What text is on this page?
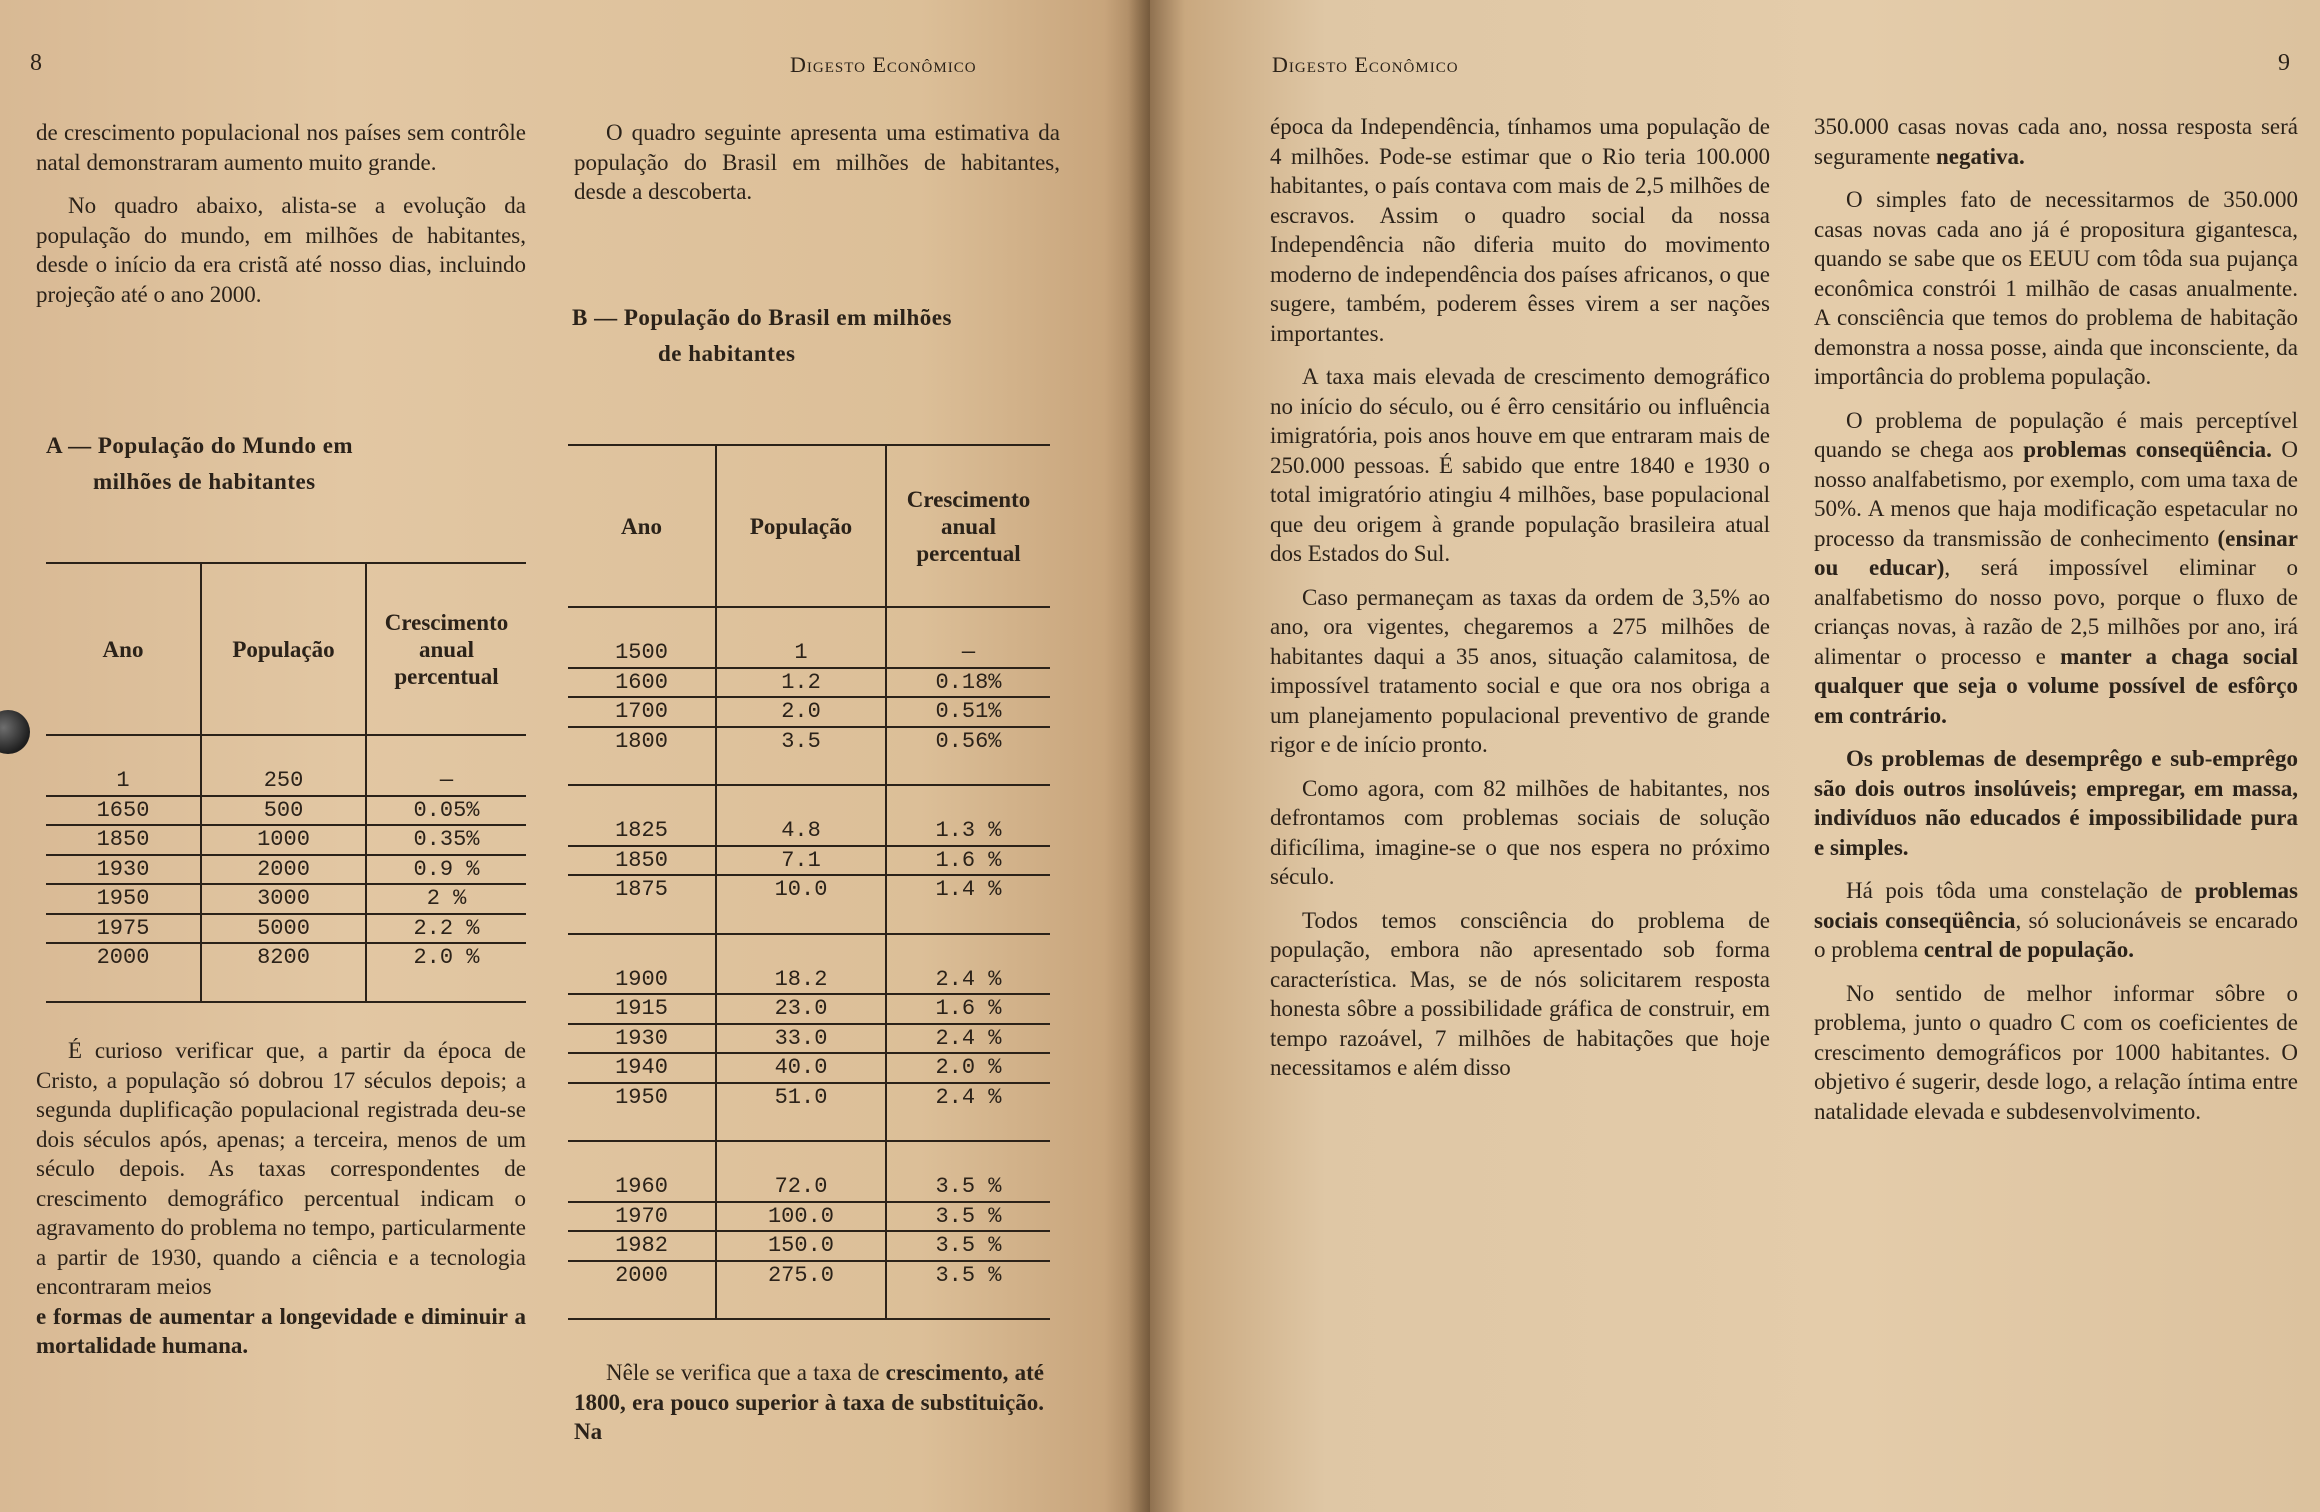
8	Digesto Econômico

de crescimento populacional nos países sem contrôle natal demonstraram aumento muito grande.

No quadro abaixo, alista-se a evolução da população do mundo, em milhões de habitantes, desde o início da era cristã até nosso dias, incluindo projeção até o ano 2000.

A — População do Mundo em
milhões de habitantes
Ano	População	Crescimento anual percentual
1	250	—
1650	500	0.05%
1850	1000	0.35%
1930	2000	0.9 %
1950	3000	2 %
1975	5000	2.2 %
2000	8200	2.0 %

É curioso verificar que, a partir da época de Cristo, a população só dobrou 17 séculos depois; a segunda duplificação populacional registrada deu-se dois séculos após, apenas; a terceira, menos de um século depois. As taxas correspondentes de crescimento demográfico percentual indicam o agravamento do problema no tempo, particularmente a partir de 1930, quando a ciência e a tecnologia encontraram meios

e formas de aumentar a longevidade e diminuir a mortalidade humana.

O quadro seguinte apresenta uma estimativa da população do Brasil em milhões de habitantes, desde a descoberta.

B — População do Brasil em milhões
de habitantes
Ano	População	Crescimento anual percentual
1500	1	—
1600	1.2	0.18%
1700	2.0	0.51%
1800	3.5	0.56%
1825	4.8	1.3 %
1850	7.1	1.6 %
1875	10.0	1.4 %
1900	18.2	2.4 %
1915	23.0	1.6 %
1930	33.0	2.4 %
1940	40.0	2.0 %
1950	51.0	2.4 %
1960	72.0	3.5 %
1970	100.0	3.5 %
1982	150.0	3.5 %
2000	275.0	3.5 %

Nêle se verifica que a taxa de crescimento, até 1800, era pouco superior à taxa de substituição. Na

Digesto Econômico	9

época da Independência, tínhamos uma população de 4 milhões. Pode-se estimar que o Rio teria 100.000 habitantes, o país contava com mais de 2,5 milhões de escravos. Assim o quadro social da nossa Independência não diferia muito do movimento moderno de independência dos países africanos, o que sugere, também, poderem êsses virem a ser nações importantes.

A taxa mais elevada de crescimento demográfico no início do século, ou é êrro censitário ou influência imigratória, pois anos houve em que entraram mais de 250.000 pessoas. É sabido que entre 1840 e 1930 o total imigratório atingiu 4 milhões, base populacional que deu origem à grande população brasileira atual dos Estados do Sul.

Caso permaneçam as taxas da ordem de 3,5% ao ano, ora vigentes, chegaremos a 275 milhões de habitantes daqui a 35 anos, situação calamitosa, de impossível tratamento social e que ora nos obriga a um planejamento populacional preventivo de grande rigor e de início pronto.

Como agora, com 82 milhões de habitantes, nos defrontamos com problemas sociais de solução dificílima, imagine-se o que nos espera no próximo século.

Todos temos consciência do problema de população, embora não apresentado sob forma característica. Mas, se de nós solicitarem resposta honesta sôbre a possibilidade gráfica de construir, em tempo razoável, 7 milhões de habitações que hoje necessitamos e além disso

350.000 casas novas cada ano, nossa resposta será seguramente negativa.

O simples fato de necessitarmos de 350.000 casas novas cada ano já é propositura gigantesca, quando se sabe que os EEUU com tôda sua pujança econômica constrói 1 milhão de casas anualmente. A consciência que temos do problema de habitação demonstra a nossa posse, ainda que inconsciente, da importância do problema população.

O problema de população é mais perceptível quando se chega aos problemas conseqüência. O nosso analfabetismo, por exemplo, com uma taxa de 50%. A menos que haja modificação espetacular no processo da transmissão de conhecimento (ensinar ou educar), será impossível eliminar o analfabetismo do nosso povo, porque o fluxo de crianças novas, à razão de 2,5 milhões por ano, irá alimentar o processo e manter a chaga social qualquer que seja o volume possível de esfôrço em contrário.

Os problemas de desemprêgo e sub-emprêgo são dois outros insolúveis; empregar, em massa, indivíduos não educados é impossibilidade pura e simples.

Há pois tôda uma constelação de problemas sociais conseqüência, só solucionáveis se encarado o problema central de população.

No sentido de melhor informar sôbre o problema, junto o quadro C com os coeficientes de crescimento demográficos por 1000 habitantes. O objetivo é sugerir, desde logo, a relação íntima entre natalidade elevada e subdesenvolvimento.
